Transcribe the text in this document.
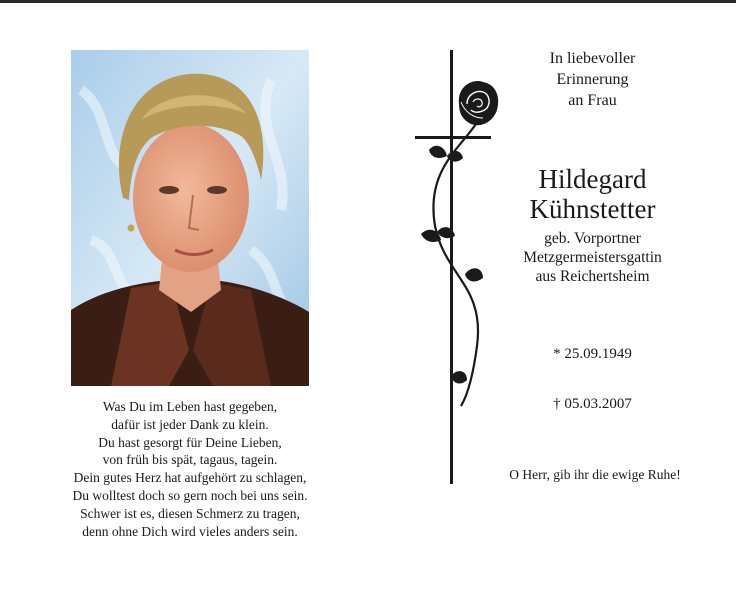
Was Du im Leben hast gegeben,
dafür ist jeder Dank zu klein.
Du hast gesorgt für Deine Lieben,
von früh bis spät, tagaus, tagein.
Dein gutes Herz hat aufgehört zu schlagen,
Du wolltest doch so gern noch bei uns sein.
Schwer ist es, diesen Schmerz zu tragen,
denn ohne Dich wird vieles anders sein.
In liebevoller
Erinnerung
an Frau
Hildegard
Kühnstetter
geb. Vorportner
Metzgermeistersgattin
aus Reichertsheim
* 25.09.1949
† 05.03.2007
O Herr, gib ihr die ewige Ruhe!
